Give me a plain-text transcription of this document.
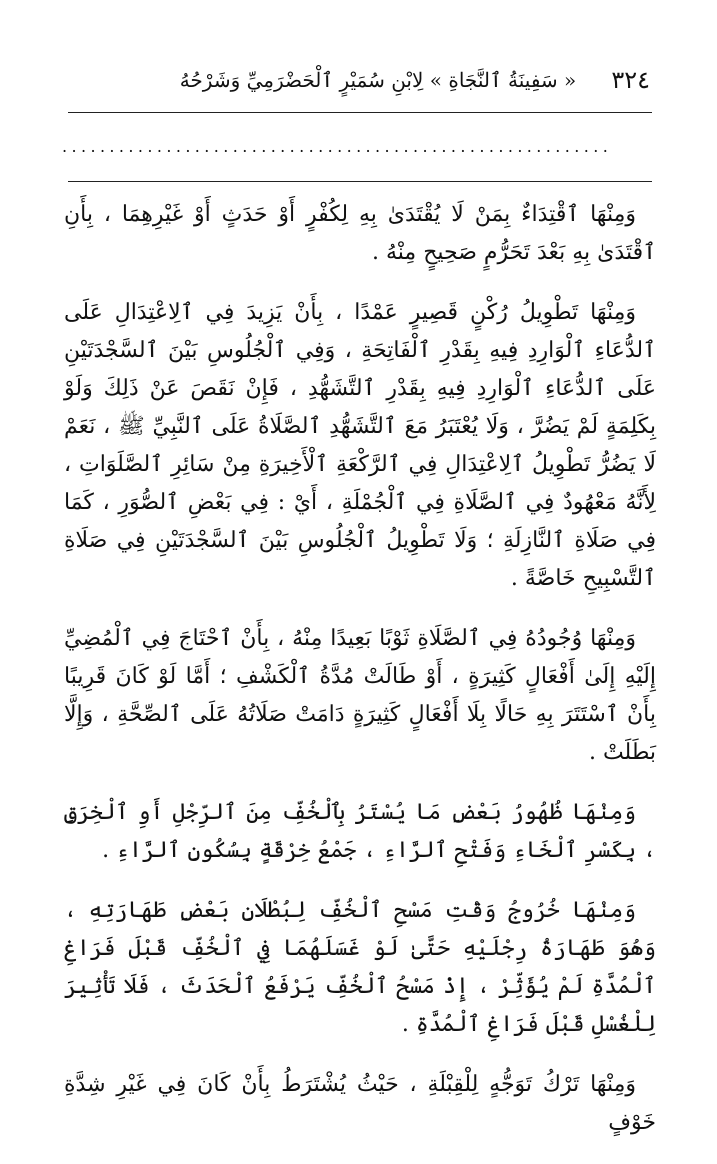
٣٢٤
« سَفِينَةُ ٱلنَّجَاةِ » لِابْنِ سُمَيْرٍ ٱلْحَضْرَمِيِّ وَشَرْحُهُ
..........................................................

وَمِنْهَا ٱقْتِدَاءٌ بِمَنْ لَا يُقْتَدَىٰ بِهِ لِكُفْرٍ أَوْ حَدَثٍ أَوْ غَيْرِهِمَا ، بِأَنِ ٱقْتَدَىٰ بِهِ بَعْدَ تَحَرُّمٍ صَحِيحٍ مِنْهُ .

وَمِنْهَا تَطْوِيلُ رُكْنٍ قَصِيرٍ عَمْدًا ، بِأَنْ يَزِيدَ فِي ٱلِاعْتِدَالِ عَلَى ٱلدُّعَاءِ ٱلْوَارِدِ فِيهِ بِقَدْرِ ٱلْفَاتِحَةِ ، وَفِي ٱلْجُلُوسِ بَيْنَ ٱلسَّجْدَتَيْنِ عَلَى ٱلدُّعَاءِ ٱلْوَارِدِ فِيهِ بِقَدْرِ ٱلتَّشَهُّدِ ، فَإِنْ نَقَصَ عَنْ ذَلِكَ وَلَوْ بِكَلِمَةٍ لَمْ يَضُرَّ ، وَلَا يُعْتَبَرُ مَعَ ٱلتَّشَهُّدِ ٱلصَّلَاةُ عَلَى ٱلنَّبِيِّ ﷺ ، نَعَمْ لَا يَضُرُّ تَطْوِيلُ ٱلِاعْتِدَالِ فِي ٱلرَّكْعَةِ ٱلْأَخِيرَةِ مِنْ سَائِرِ ٱلصَّلَوَاتِ ، لِأَنَّهُ مَعْهُودٌ فِي ٱلصَّلَاةِ فِي ٱلْجُمْلَةِ ، أَيْ : فِي بَعْضِ ٱلصُّوَرِ ، كَمَا فِي صَلَاةِ ٱلنَّازِلَةِ ؛ وَلَا تَطْوِيلُ ٱلْجُلُوسِ بَيْنَ ٱلسَّجْدَتَيْنِ فِي صَلَاةِ ٱلتَّسْبِيحِ خَاصَّةً .

وَمِنْهَا وُجُودُهُ فِي ٱلصَّلَاةِ ثَوْبًا بَعِيدًا مِنْهُ ، بِأَنْ ٱحْتَاجَ فِي ٱلْمُضِيِّ إِلَيْهِ إِلَىٰ أَفْعَالٍ كَثِيرَةٍ ، أَوْ طَالَتْ مُدَّةُ ٱلْكَشْفِ ؛ أَمَّا لَوْ كَانَ قَرِيبًا بِأَنْ ٱسْتَتَرَ بِهِ حَالًا بِلَا أَفْعَالٍ كَثِيرَةٍ دَامَتْ صَلَاتُهُ عَلَى ٱلصِّحَّةِ ، وَإِلَّا بَطَلَتْ .

وَمِنْهَا ظُهُورُ بَعْضِ مَا يُسْتَرُ بِٱلْخُفِّ مِنَ ٱلرِّجْلِ أَوِ ٱلْخِرَقِ ، بِكَسْرِ ٱلْخَاءِ وَفَتْحِ ٱلرَّاءِ ، جَمْعُ خِرْقَةٍ بِسُكُونِ ٱلرَّاءِ .

وَمِنْهَا خُرُوجُ وَقْتِ مَسْحِ ٱلْخُفِّ لِبُطْلَانِ بَعْضِ طَهَارَتِهِ ، وَهُوَ طَهَارَةُ رِجْلَيْهِ حَتَّىٰ لَوْ غَسَلَهُمَا فِي ٱلْخُفِّ قَبْلَ فَرَاغِ ٱلْمُدَّةِ لَمْ يُؤَثِّرْ ، إِذْ مَسْحُ ٱلْخُفِّ يَرْفَعُ ٱلْحَدَثَ ، فَلَا تَأْثِيرَ لِلْغُسْلِ قَبْلَ فَرَاغِ ٱلْمُدَّةِ .

وَمِنْهَا تَرْكُ تَوَجُّهٍ لِلْقِبْلَةِ ، حَيْثُ يُشْتَرَطُ بِأَنْ كَانَ فِي غَيْرِ شِدَّةِ خَوْفٍ
